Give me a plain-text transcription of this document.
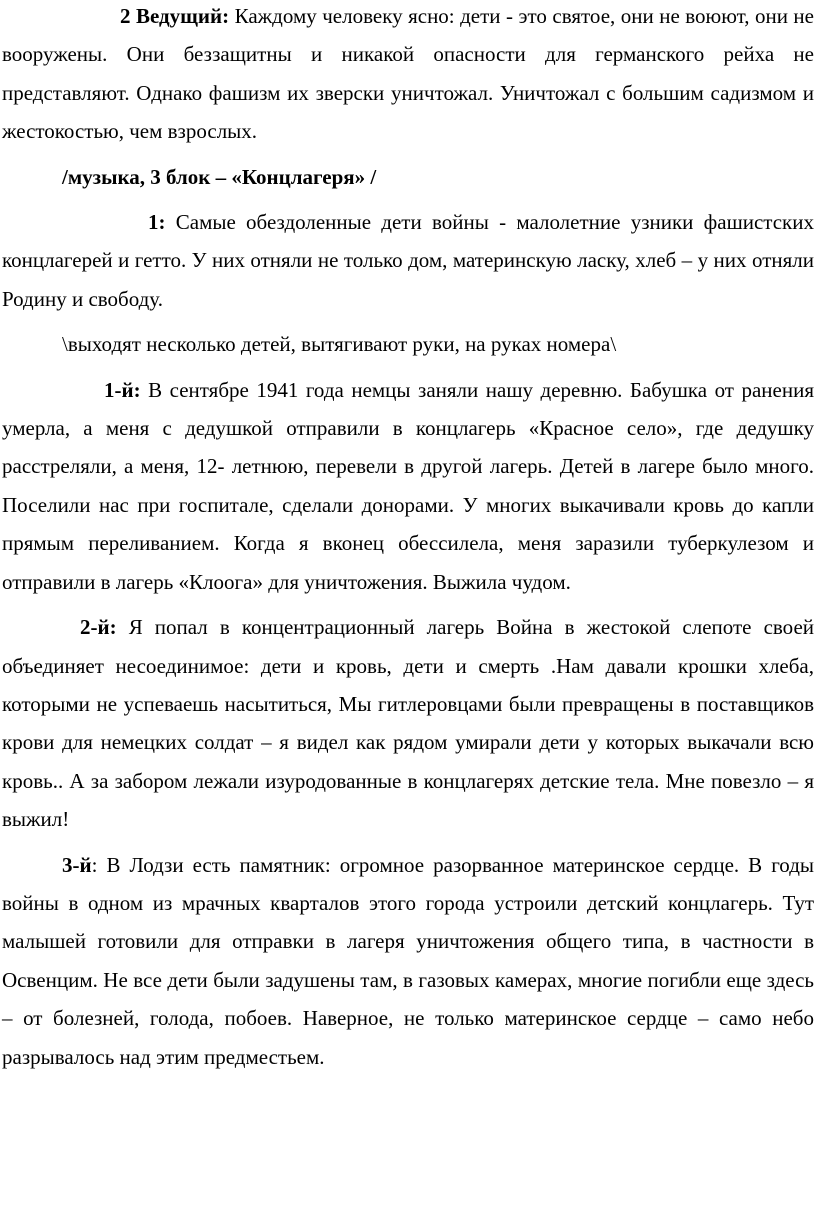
2 Ведущий: Каждому человеку ясно: дети - это святое, они не воюют, они не вооружены. Они беззащитны и никакой опасности для германского рейха не представляют. Однако фашизм их зверски уничтожал. Уничтожал с большим садизмом и жестокостью, чем взрослых.

/музыка, 3 блок – «Концлагеря» /

1: Самые обездоленные дети войны - малолетние узники фашистских концлагерей и гетто. У них отняли не только дом, материнскую ласку, хлеб – у них отняли Родину и свободу.

\выходят несколько детей, вытягивают руки, на руках номера\

1-й: В сентябре 1941 года немцы заняли нашу деревню. Бабушка от ранения умерла, а меня с дедушкой отправили в концлагерь «Красное село», где дедушку расстреляли, а меня, 12- летнюю, перевели в другой лагерь. Детей в лагере было много. Поселили нас при госпитале, сделали донорами. У многих выкачивали кровь до капли прямым переливанием. Когда я вконец обессилела, меня заразили туберкулезом и отправили в лагерь «Клоога» для уничтожения. Выжила чудом.

2-й: Я попал в концентрационный лагерь Война в жестокой слепоте своей объединяет несоединимое: дети и кровь, дети и смерть .Нам давали крошки хлеба, которыми не успеваешь насытиться, Мы гитлеровцами были превращены в поставщиков крови для немецких солдат – я видел как рядом умирали дети у которых выкачали всю кровь.. А за забором лежали изуродованные в концлагерях детские тела. Мне повезло – я выжил!

3-й: В Лодзи есть памятник: огромное разорванное материнское сердце. В годы войны в одном из мрачных кварталов этого города устроили детский концлагерь. Тут малышей готовили для отправки в лагеря уничтожения общего типа, в частности в Освенцим. Не все дети были задушены там, в газовых камерах, многие погибли еще здесь – от болезней, голода, побоев. Наверное, не только материнское сердце – само небо разрывалось над этим предместьем.
